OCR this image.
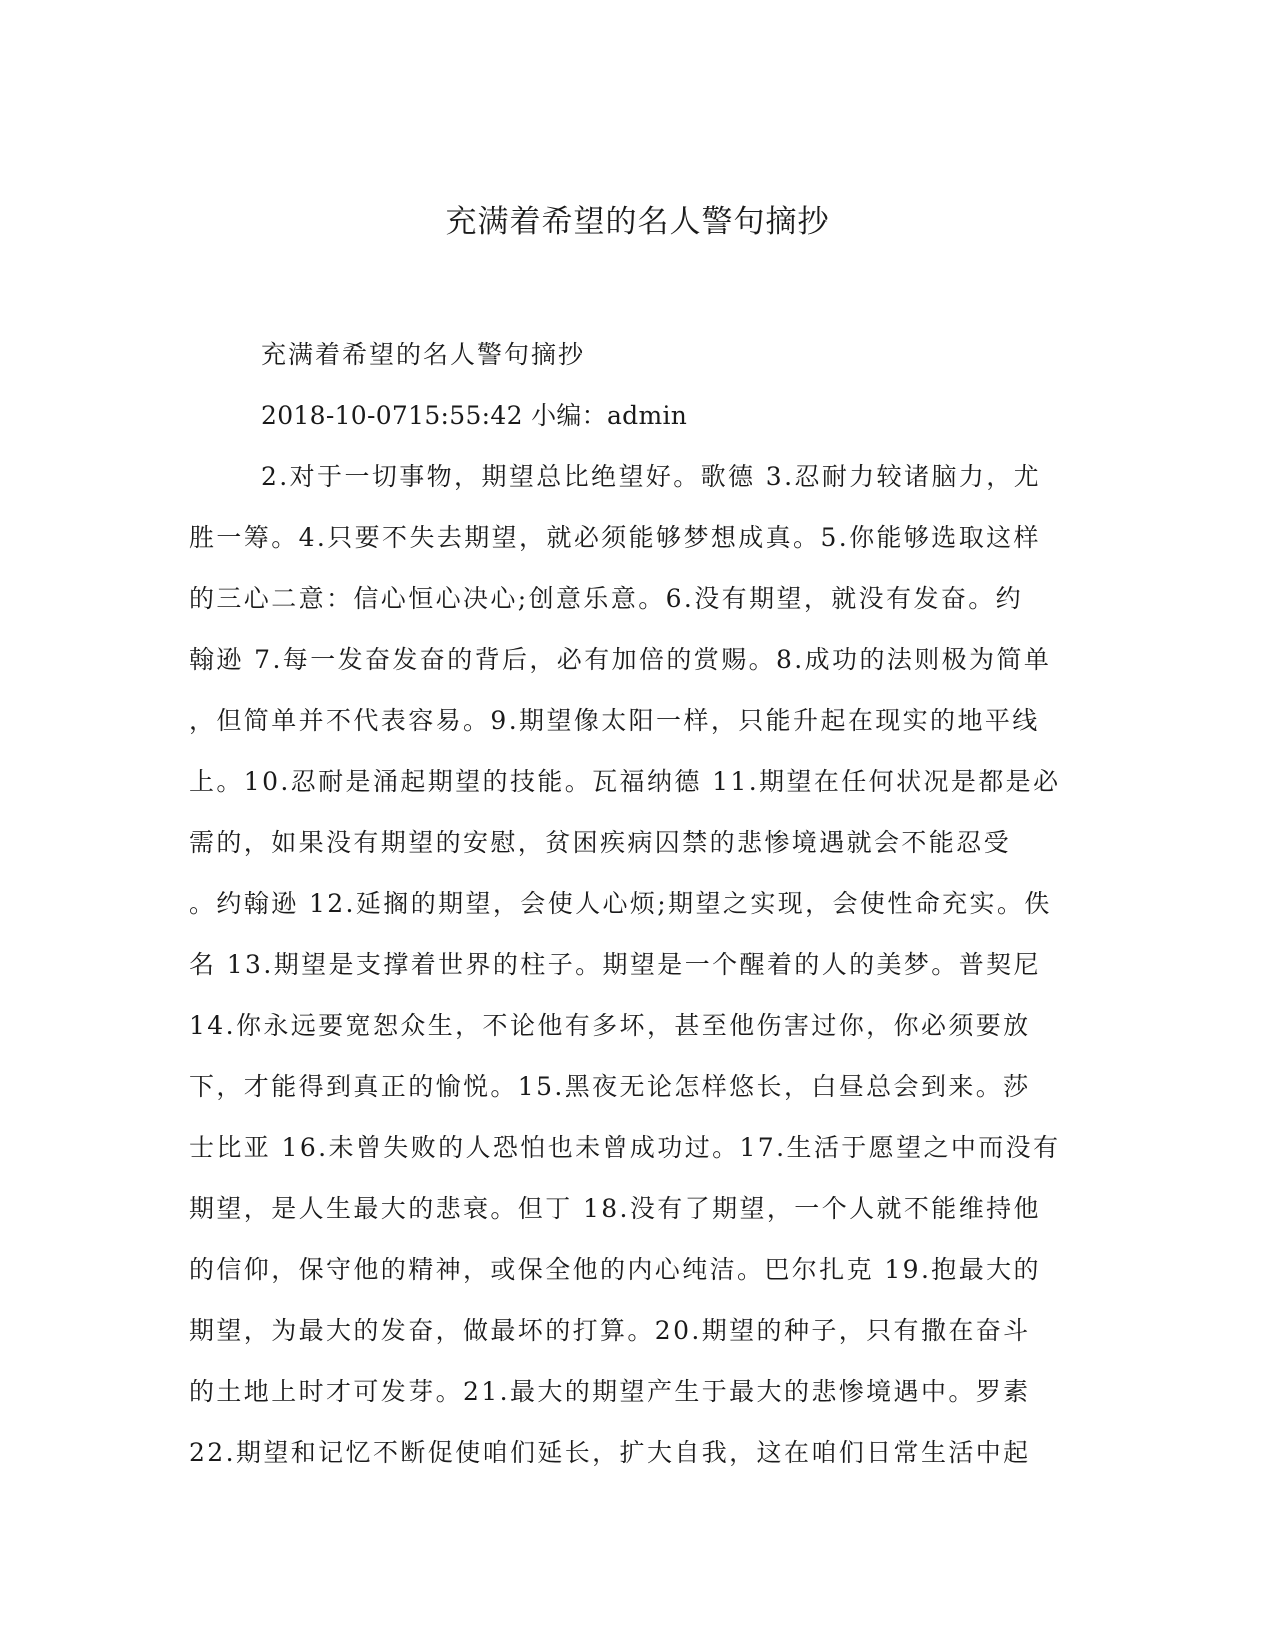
充满着希望的名人警句摘抄

充满着希望的名人警句摘抄

2018-10-0715:55:42 小编：admin

2.对于一切事物，期望总比绝望好。歌德 3.忍耐力较诸脑力，尤

胜一筹。4.只要不失去期望，就必须能够梦想成真。5.你能够选取这样

的三心二意：信心恒心决心;创意乐意。6.没有期望，就没有发奋。约

翰逊 7.每一发奋发奋的背后，必有加倍的赏赐。8.成功的法则极为简单

，但简单并不代表容易。9.期望像太阳一样，只能升起在现实的地平线

上。10.忍耐是涌起期望的技能。瓦福纳德 11.期望在任何状况是都是必

需的，如果没有期望的安慰，贫困疾病囚禁的悲惨境遇就会不能忍受

。约翰逊 12.延搁的期望，会使人心烦;期望之实现，会使性命充实。佚

名 13.期望是支撑着世界的柱子。期望是一个醒着的人的美梦。普契尼

14.你永远要宽恕众生，不论他有多坏，甚至他伤害过你，你必须要放

下，才能得到真正的愉悦。15.黑夜无论怎样悠长，白昼总会到来。莎

士比亚 16.未曾失败的人恐怕也未曾成功过。17.生活于愿望之中而没有

期望，是人生最大的悲衰。但丁 18.没有了期望，一个人就不能维持他

的信仰，保守他的精神，或保全他的内心纯洁。巴尔扎克 19.抱最大的

期望，为最大的发奋，做最坏的打算。20.期望的种子，只有撒在奋斗

的土地上时才可发芽。21.最大的期望产生于最大的悲惨境遇中。罗素

22.期望和记忆不断促使咱们延长，扩大自我，这在咱们日常生活中起
